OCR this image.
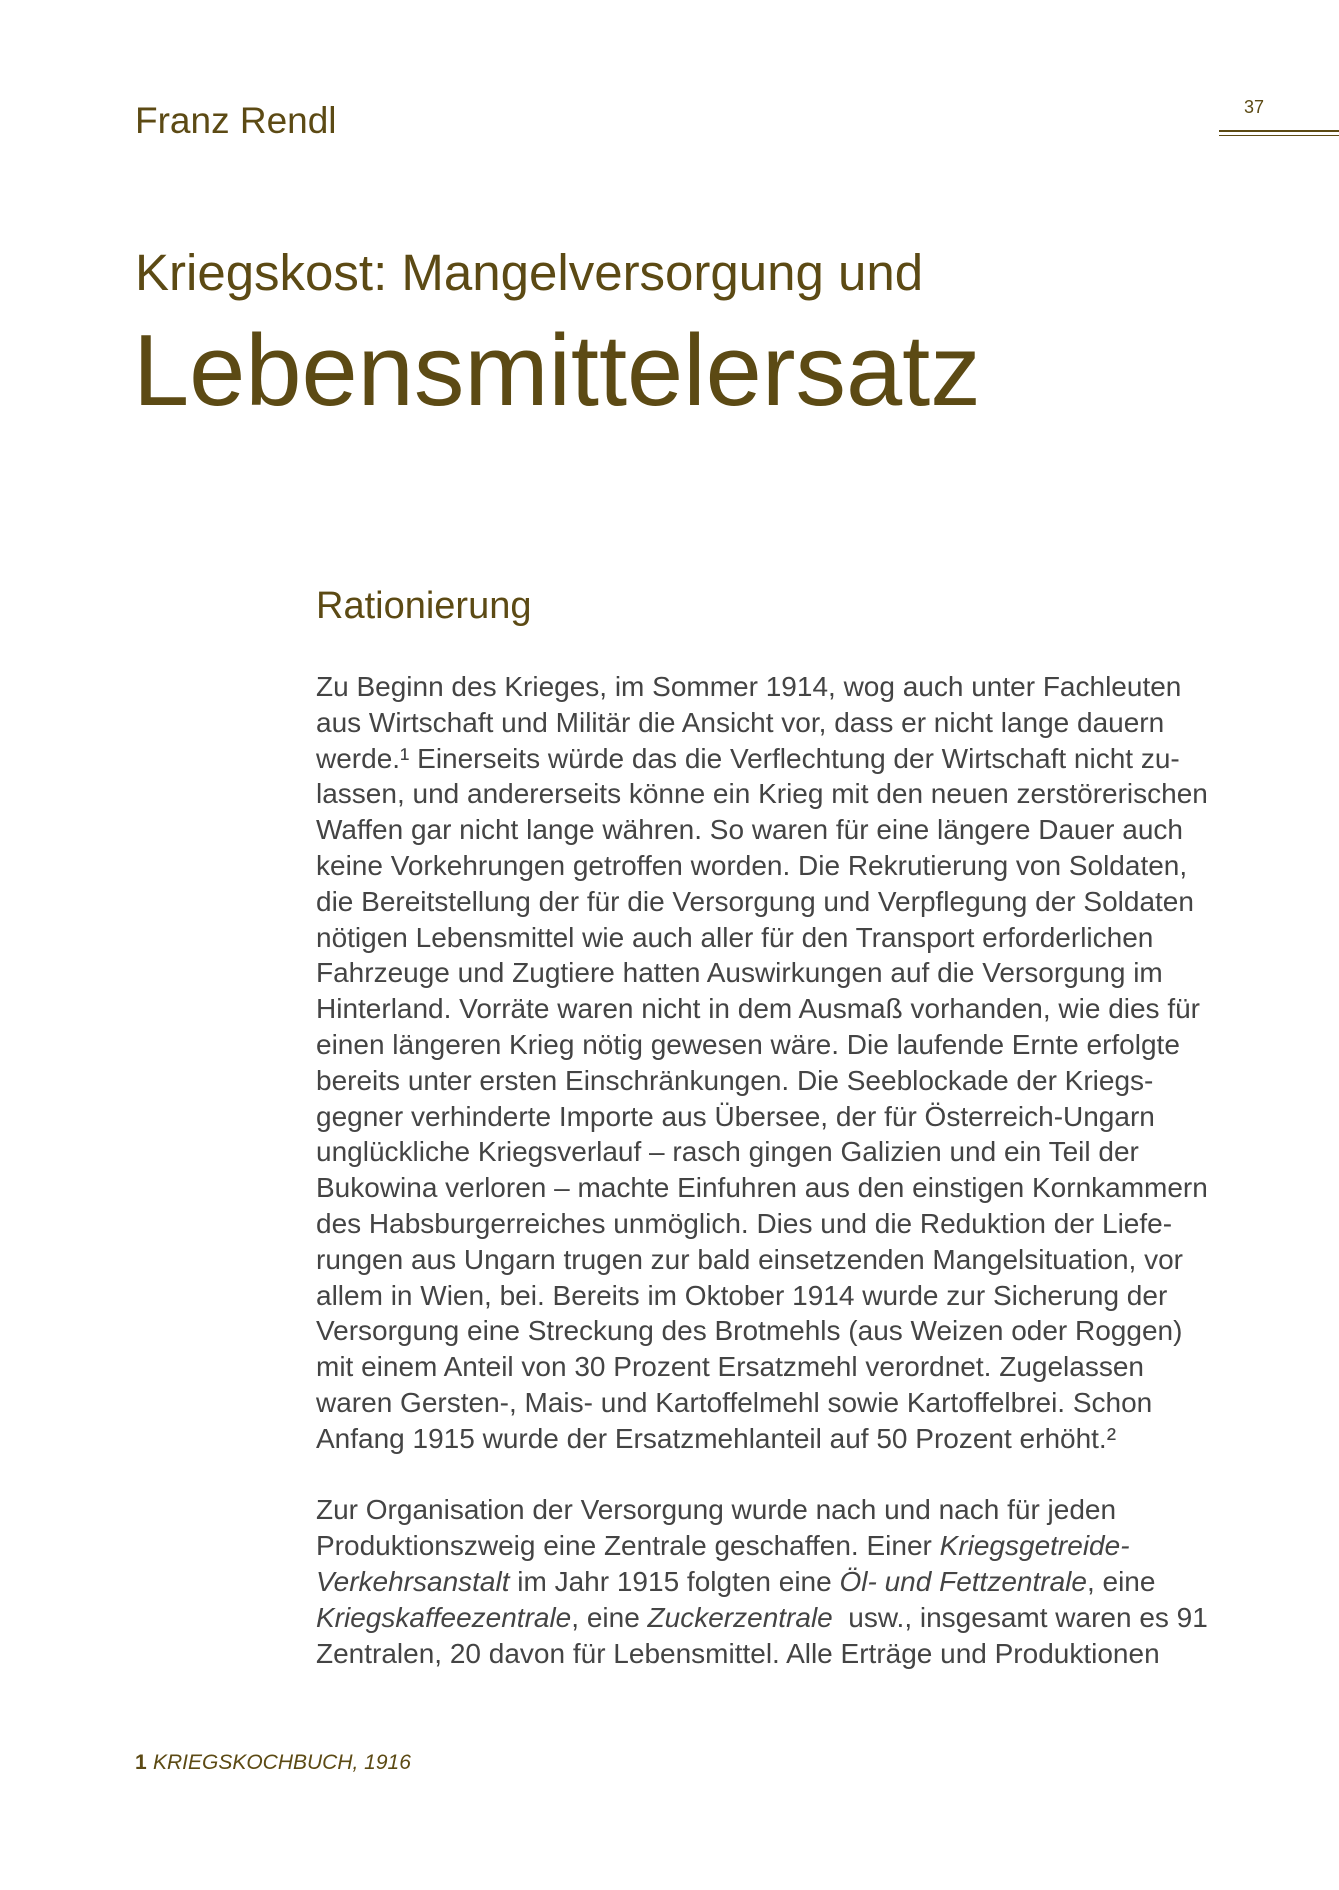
Franz Rendl	37
Kriegskost: Mangelversorgung und
Lebensmittelersatz
Rationierung
Zu Beginn des Krieges, im Sommer 1914, wog auch unter Fachleuten
aus Wirtschaft und Militär die Ansicht vor, dass er nicht lange dauern
werde.¹ Einerseits würde das die Verflechtung der Wirtschaft nicht zu-
lassen, und andererseits könne ein Krieg mit den neuen zerstörerischen
Waffen gar nicht lange währen. So waren für eine längere Dauer auch
keine Vorkehrungen getroffen worden. Die Rekrutierung von Soldaten,
die Bereitstellung der für die Versorgung und Verpflegung der Soldaten
nötigen Lebensmittel wie auch aller für den Transport erforderlichen
Fahrzeuge und Zugtiere hatten Auswirkungen auf die Versorgung im
Hinterland. Vorräte waren nicht in dem Ausmaß vorhanden, wie dies für
einen längeren Krieg nötig gewesen wäre. Die laufende Ernte erfolgte
bereits unter ersten Einschränkungen. Die Seeblockade der Kriegs-
gegner verhinderte Importe aus Übersee, der für Österreich-Ungarn
unglückliche Kriegsverlauf – rasch gingen Galizien und ein Teil der
Bukowina verloren – machte Einfuhren aus den einstigen Kornkammern
des Habsburgerreiches unmöglich. Dies und die Reduktion der Liefe-
rungen aus Ungarn trugen zur bald einsetzenden Mangelsituation, vor
allem in Wien, bei. Bereits im Oktober 1914 wurde zur Sicherung der
Versorgung eine Streckung des Brotmehls (aus Weizen oder Roggen)
mit einem Anteil von 30 Prozent Ersatzmehl verordnet. Zugelassen
waren Gersten-, Mais- und Kartoffelmehl sowie Kartoffelbrei. Schon
Anfang 1915 wurde der Ersatzmehlanteil auf 50 Prozent erhöht.²
Zur Organisation der Versorgung wurde nach und nach für jeden
Produktionszweig eine Zentrale geschaffen. Einer Kriegsgetreide-
Verkehrsanstalt im Jahr 1915 folgten eine Öl- und Fettzentrale, eine
Kriegskaffeezentrale, eine Zuckerzentrale  usw., insgesamt waren es 91
Zentralen, 20 davon für Lebensmittel. Alle Erträge und Produktionen
1 KRIEGSKOCHBUCH, 1916
